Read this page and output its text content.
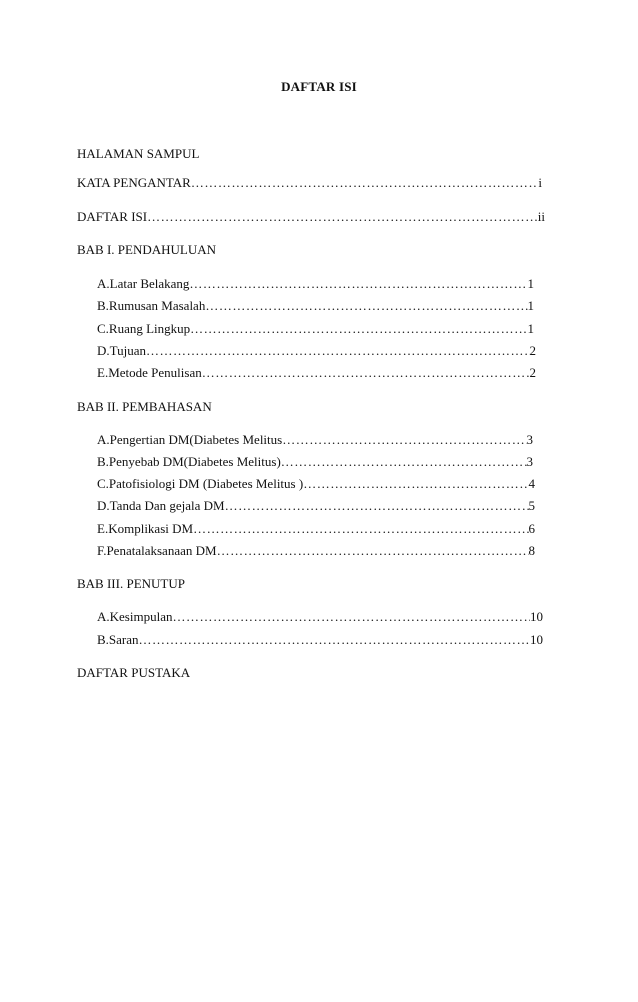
DAFTAR ISI
HALAMAN SAMPUL
KATA PENGANTAR ……………………………………………………………………………………………………………………………………………………………………………	i
DAFTAR ISI ……………………………………………………………………………………………………………………………………………………………………………	ii
BAB I. PENDAHULUAN
A. Latar Belakang ……………………………………………………………………………………………………………………………………………………………………………	1
B. Rumusan Masalah ……………………………………………………………………………………………………………………………………………………………………………	1
C. Ruang Lingkup ……………………………………………………………………………………………………………………………………………………………………………	1
D. Tujuan ……………………………………………………………………………………………………………………………………………………………………………	2
E. Metode Penulisan ……………………………………………………………………………………………………………………………………………………………………………	2
BAB II. PEMBAHASAN
A. Pengertian DM(Diabetes Melitus ……………………………………………………………………………………………………………………………………………………………………………	3
B. Penyebab DM(Diabetes Melitus) ……………………………………………………………………………………………………………………………………………………………………………	3
C. Patofisiologi DM (Diabetes Melitus ) ……………………………………………………………………………………………………………………………………………………………………………	4
D. Tanda Dan gejala DM ……………………………………………………………………………………………………………………………………………………………………………	5
E. Komplikasi DM ……………………………………………………………………………………………………………………………………………………………………………	6
F. Penatalaksanaan DM ……………………………………………………………………………………………………………………………………………………………………………	8
BAB III. PENUTUP
A. Kesimpulan ……………………………………………………………………………………………………………………………………………………………………………	10
B. Saran ……………………………………………………………………………………………………………………………………………………………………………	10
DAFTAR PUSTAKA
